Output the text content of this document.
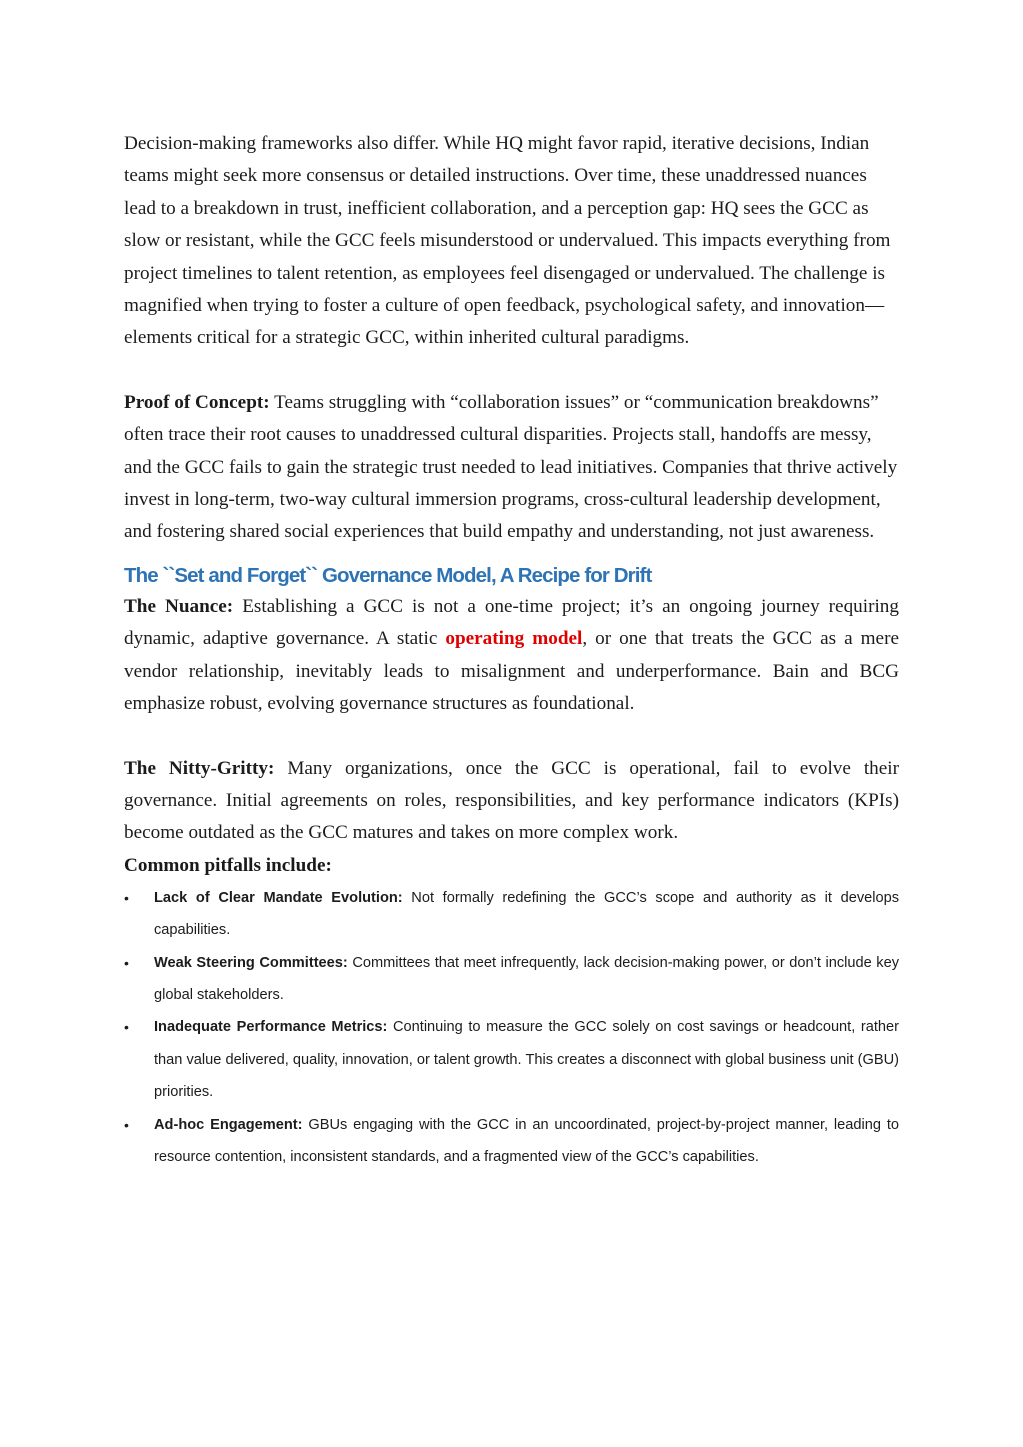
Decision-making frameworks also differ. While HQ might favor rapid, iterative decisions, Indian teams might seek more consensus or detailed instructions. Over time, these unaddressed nuances lead to a breakdown in trust, inefficient collaboration, and a perception gap: HQ sees the GCC as slow or resistant, while the GCC feels misunderstood or undervalued. This impacts everything from project timelines to talent retention, as employees feel disengaged or undervalued. The challenge is magnified when trying to foster a culture of open feedback, psychological safety, and innovation—elements critical for a strategic GCC, within inherited cultural paradigms.

Proof of Concept: Teams struggling with “collaboration issues” or “communication breakdowns” often trace their root causes to unaddressed cultural disparities. Projects stall, handoffs are messy, and the GCC fails to gain the strategic trust needed to lead initiatives. Companies that thrive actively invest in long-term, two-way cultural immersion programs, cross-cultural leadership development, and fostering shared social experiences that build empathy and understanding, not just awareness.

The ``Set and Forget`` Governance Model, A Recipe for Drift

The Nuance: Establishing a GCC is not a one-time project; it’s an ongoing journey requiring dynamic, adaptive governance. A static operating model, or one that treats the GCC as a mere vendor relationship, inevitably leads to misalignment and underperformance. Bain and BCG emphasize robust, evolving governance structures as foundational.

The Nitty-Gritty: Many organizations, once the GCC is operational, fail to evolve their governance. Initial agreements on roles, responsibilities, and key performance indicators (KPIs) become outdated as the GCC matures and takes on more complex work.

Common pitfalls include:

• Lack of Clear Mandate Evolution: Not formally redefining the GCC’s scope and authority as it develops capabilities.
• Weak Steering Committees: Committees that meet infrequently, lack decision-making power, or don’t include key global stakeholders.
• Inadequate Performance Metrics: Continuing to measure the GCC solely on cost savings or headcount, rather than value delivered, quality, innovation, or talent growth. This creates a disconnect with global business unit (GBU) priorities.
• Ad-hoc Engagement: GBUs engaging with the GCC in an uncoordinated, project-by-project manner, leading to resource contention, inconsistent standards, and a fragmented view of the GCC’s capabilities.
